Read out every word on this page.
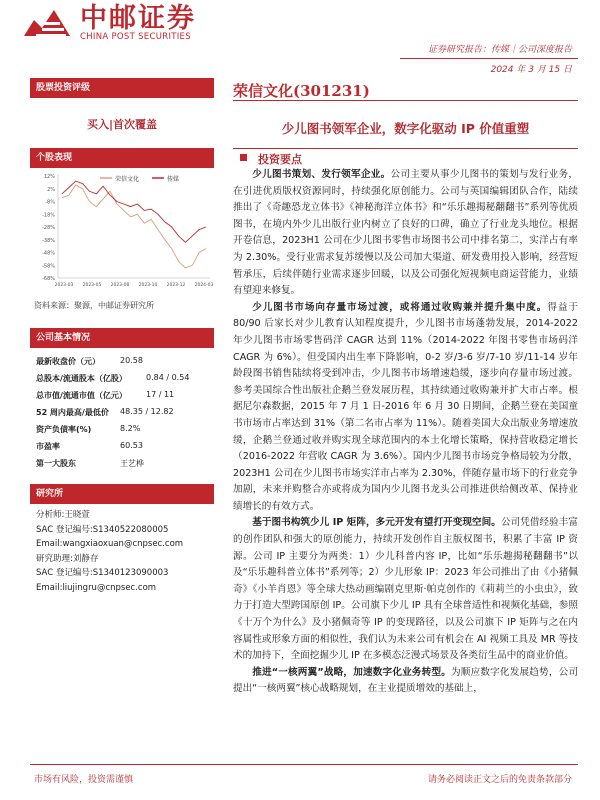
中邮证券
CHINA POST SECURITIES
证券研究报告：传媒｜公司深度报告
2024 年 3 月 15 日
股票投资评级
买入|首次覆盖
个股表现
12%
2%
-8%
-18%
-28%
-38%
-48%
-58%
-68%
2023-03 2023-05 2023-08 2023-10 2023-12 2024-03
荣信文化	传媒
资料来源：聚源，中邮证券研究所
公司基本情况
最新收盘价（元）	20.58
总股本/流通股本（亿股） 0.84 / 0.54
总市值/流通市值（亿元） 17 / 11
52 周内最高/最低价 48.35 / 12.82
资产负债率(%)	8.2%
市盈率	60.53
第一大股东	王艺桦
研究所
分析师:王晓萱
SAC 登记编号:S1340522080005
Email:wangxiaoxuan@cnpsec.com
研究助理:刘静存
SAC 登记编号:S1340123090003
Email:liujingru@cnpsec.com
荣信文化(301231)
少儿图书领军企业，数字化驱动 IP 价值重塑
投资要点

少儿图书策划、发行领军企业。公司主要从事少儿图书的策划与发行业务，在引进优质版权资源同时，持续强化原创能力。公司与英国编辑团队合作，陆续推出了《奇趣恐龙立体书》《神秘海洋立体书》和“乐乐趣揭秘翻翻书”系列等优质图书，在境内外少儿出版行业内树立了良好的口碑，确立了行业龙头地位。根据开卷信息，2023H1 公司在少儿图书零售市场图书公司中排名第二，实洋占有率为 2.30%。受行业需求复苏缓慢以及公司加大渠道、研发费用投入影响，经营短暂承压，后续伴随行业需求逐步回暖，以及公司强化短视频电商运营能力，业绩有望迎来修复。

少儿图书市场向存量市场过渡，或将通过收购兼并提升集中度。得益于 80/90 后家长对少儿教育认知程度提升，少儿图书市场蓬勃发展，2014-2022 年少儿图书市场零售码洋 CAGR 达到 11%（2014-2022 年图书零售市场码洋 CAGR 为 6%）。但受国内出生率下降影响，0-2 岁/3-6 岁/7-10 岁/11-14 岁年龄段图书销售陆续将受到冲击，少儿图书市场增速趋缓，逐步向存量市场过渡。参考美国综合性出版社企鹅兰登发展历程，其持续通过收购兼并扩大市占率。根据尼尔森数据，2015 年 7 月 1 日-2016 年 6 月 30 日期间，企鹅兰登在美国童书市场市占率达到 31%（第二名市占率为 11%）。随着美国大众出版业务增速放缓，企鹅兰登通过收并购实现全球范围内的本土化增长策略，保持营收稳定增长（2016-2022 年营收 CAGR 为 3.6%）。国内少儿图书市场竞争格局较为分散，2023H1 公司在少儿图书市场实洋市占率为 2.30%，伴随存量市场下的行业竞争加剧，未来并购整合亦或将成为国内少儿图书龙头公司推进供给侧改革、保持业绩增长的有效方式。

基于图书构筑少儿 IP 矩阵，多元开发有望打开变现空间。公司凭借经验丰富的创作团队和强大的原创能力，持续开发创作自主版权图书，积累了丰富 IP 资源。公司 IP 主要分为两类：1）少儿科普内容 IP，比如“乐乐趣揭秘翻翻书”以及“乐乐趣科普立体书”系列等；2）少儿形象 IP：2023 年公司推出了由《小猪佩奇》《小羊肖恩》等全球大热动画编剧克里斯·帕克创作的《莉莉兰的小虫虫》，致力于打造大型跨国原创 IP。公司旗下少儿 IP 具有全球普适性和视频化基础，参照《十万个为什么》及小猪佩奇等 IP 的变现路径，以及公司旗下 IP 矩阵与之在内容属性或形象方面的相似性，我们认为未来公司有机会在 AI 视频工具及 MR 等技术的加持下，全面挖掘少儿 IP 在多模态泛漫式场景及各类衍生品中的商业价值。

推进“一核两翼”战略，加速数字化业务转型。为顺应数字化发展趋势，公司提出“一核两翼”核心战略规划，在主业提质增效的基础上，

市场有风险，投资需谨慎	请务必阅读正文之后的免责条款部分
